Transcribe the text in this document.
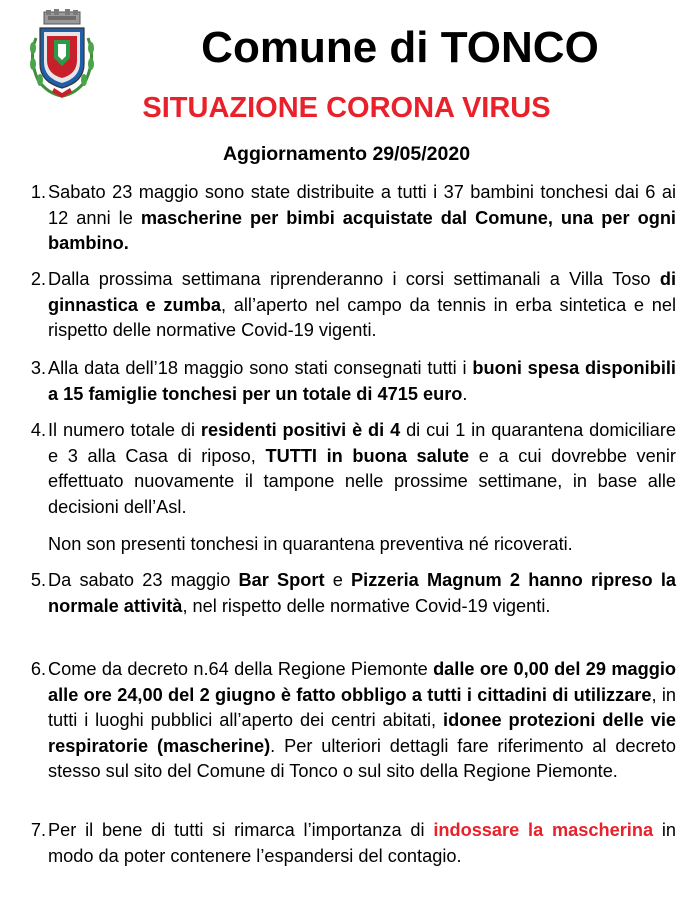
Comune di TONCO
SITUAZIONE CORONA VIRUS
Aggiornamento 29/05/2020
1. Sabato 23 maggio sono state distribuite a tutti i 37 bambini tonchesi dai 6 ai 12 anni le mascherine per bimbi acquistate dal Comune, una per ogni bambino.
2. Dalla prossima settimana riprenderanno i corsi settimanali a Villa Toso di ginnastica e zumba, all’aperto nel campo da tennis in erba sintetica e nel rispetto delle normative Covid-19 vigenti.
3. Alla data dell’18 maggio sono stati consegnati tutti i buoni spesa disponibili a 15 famiglie tonchesi per un totale di 4715 euro.
4. Il numero totale di residenti positivi è di 4 di cui 1 in quarantena domiciliare e 3 alla Casa di riposo, TUTTI in buona salute e a cui dovrebbe venir effettuato nuovamente il tampone nelle prossime settimane, in base alle decisioni dell’Asl.
Non son presenti tonchesi in quarantena preventiva né ricoverati.
5. Da sabato 23 maggio Bar Sport e Pizzeria Magnum 2 hanno ripreso la normale attività, nel rispetto delle normative Covid-19 vigenti.
6. Come da decreto n.64 della Regione Piemonte dalle ore 0,00 del 29 maggio alle ore 24,00 del 2 giugno è fatto obbligo a tutti i cittadini di utilizzare, in tutti i luoghi pubblici all’aperto dei centri abitati, idonee protezioni delle vie respiratorie (mascherine). Per ulteriori dettagli fare riferimento al decreto stesso sul sito del Comune di Tonco o sul sito della Regione Piemonte.
7. Per il bene di tutti si rimarca l’importanza di indossare la mascherina in modo da poter contenere l’espandersi del contagio.
